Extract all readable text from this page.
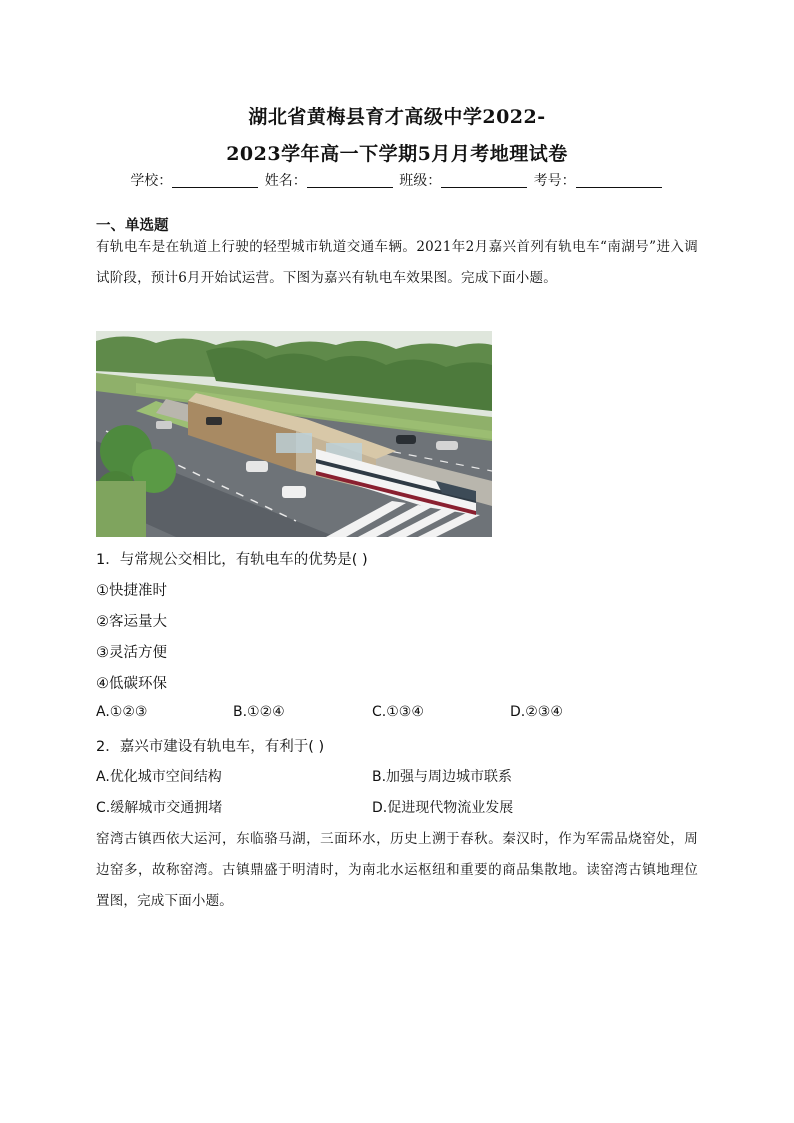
湖北省黄梅县育才高级中学2022-
2023学年高一下学期5月月考地理试卷
学校：	姓名：	班级：	考号：
一、单选题
有轨电车是在轨道上行驶的轻型城市轨道交通车辆。2021年2月嘉兴首列有轨电车“南湖号”进入调试阶段，预计6月开始试运营。下图为嘉兴有轨电车效果图。完成下面小题。
1．与常规公交相比，有轨电车的优势是( )
①快捷准时
②客运量大
③灵活方便
④低碳环保
A.①②③	B.①②④	C.①③④	D.②③④
2．嘉兴市建设有轨电车，有利于( )
A.优化城市空间结构	B.加强与周边城市联系
C.缓解城市交通拥堵	D.促进现代物流业发展
窑湾古镇西依大运河，东临骆马湖，三面环水，历史上溯于春秋。秦汉时，作为军需品烧窑处，周边窑多，故称窑湾。古镇鼎盛于明清时，为南北水运枢纽和重要的商品集散地。读窑湾古镇地理位置图，完成下面小题。
